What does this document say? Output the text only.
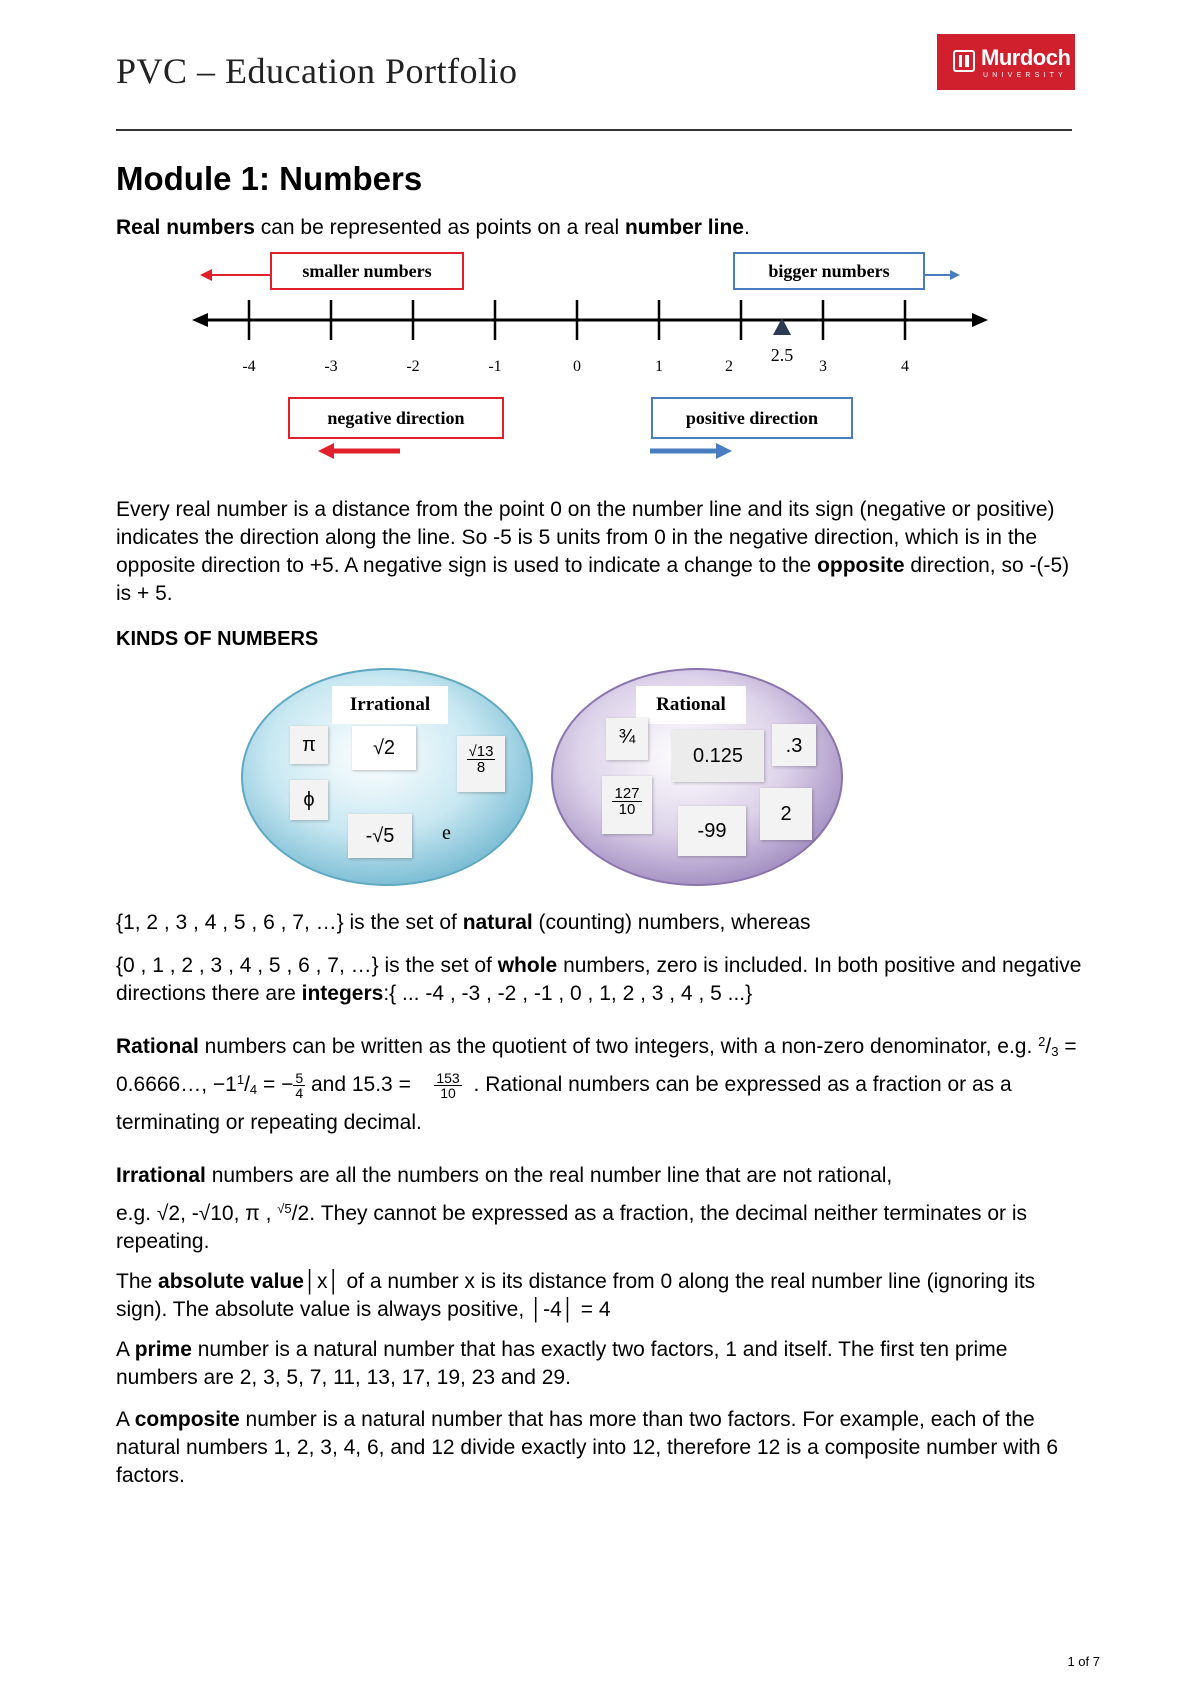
PVC – Education Portfolio	Murdoch
UNIVERSITY
Module 1: Numbers
Real numbers can be represented as points on a real number line.
smaller numbers	bigger numbers
-4	-3	-2	-1	0	1	2	3	4
2.5
negative direction	positive direction
Every real number is a distance from the point 0 on the number line and its sign (negative or positive) indicates the direction along the line. So -5 is 5 units from 0 in the negative direction, which is in the opposite direction to +5. A negative sign is used to indicate a change to the opposite direction, so -(-5) is + 5.
KINDS OF NUMBERS
Irrational
π	√2	$\frac{√13}{8}$
ϕ
-√5	e
Rational
¾
0.125	.3
$\frac{127}{10}$
-99
2
{1, 2 , 3 , 4 , 5 , 6 , 7, …} is the set of natural (counting) numbers, whereas
{0 , 1 , 2 , 3 , 4 , 5 , 6 , 7, …} is the set of whole numbers, zero is included. In both positive and negative directions there are integers:{ ... -4 , -3 , -2 , -1 , 0 , 1, 2 , 3 , 4 , 5 ...}
Rational numbers can be written as the quotient of two integers, with a non-zero denominator, e.g. $^2/_3$ = 0.6666…, $-1^1/_4$ = − $\frac{5}{4}$ and $15.3 = \frac{153}{10}$ . Rational numbers can be expressed as a fraction or as a terminating or repeating decimal.
Irrational numbers are all the numbers on the real number line that are not rational,
e.g. √2, -√10, π , $^{√5}$/2. They cannot be expressed as a fraction, the decimal neither terminates or is repeating.
The absolute value│x│ of a number x is its distance from 0 along the real number line (ignoring its sign). The absolute value is always positive, │-4│ = 4
A prime number is a natural number that has exactly two factors, 1 and itself. The first ten prime numbers are 2, 3, 5, 7, 11, 13, 17, 19, 23 and 29.
A composite number is a natural number that has more than two factors. For example, each of the natural numbers 1, 2, 3, 4, 6, and 12 divide exactly into 12, therefore 12 is a composite number with 6 factors.
1 of 7
